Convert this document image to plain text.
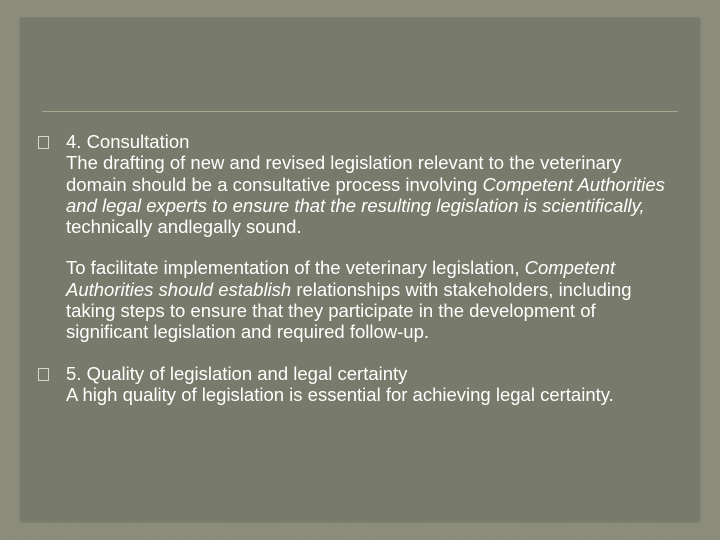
4. Consultation

The drafting of new and revised legislation relevant to the veterinary domain should be a consultative process involving Competent Authorities and legal experts to ensure that the resulting legislation is scientifically, technically andlegally sound.

To facilitate implementation of the veterinary legislation, Competent Authorities should establish relationships with stakeholders, including taking steps to ensure that they participate in the development of significant legislation and required follow-up.

5. Quality of legislation and legal certainty

A high quality of legislation is essential for achieving legal certainty.
